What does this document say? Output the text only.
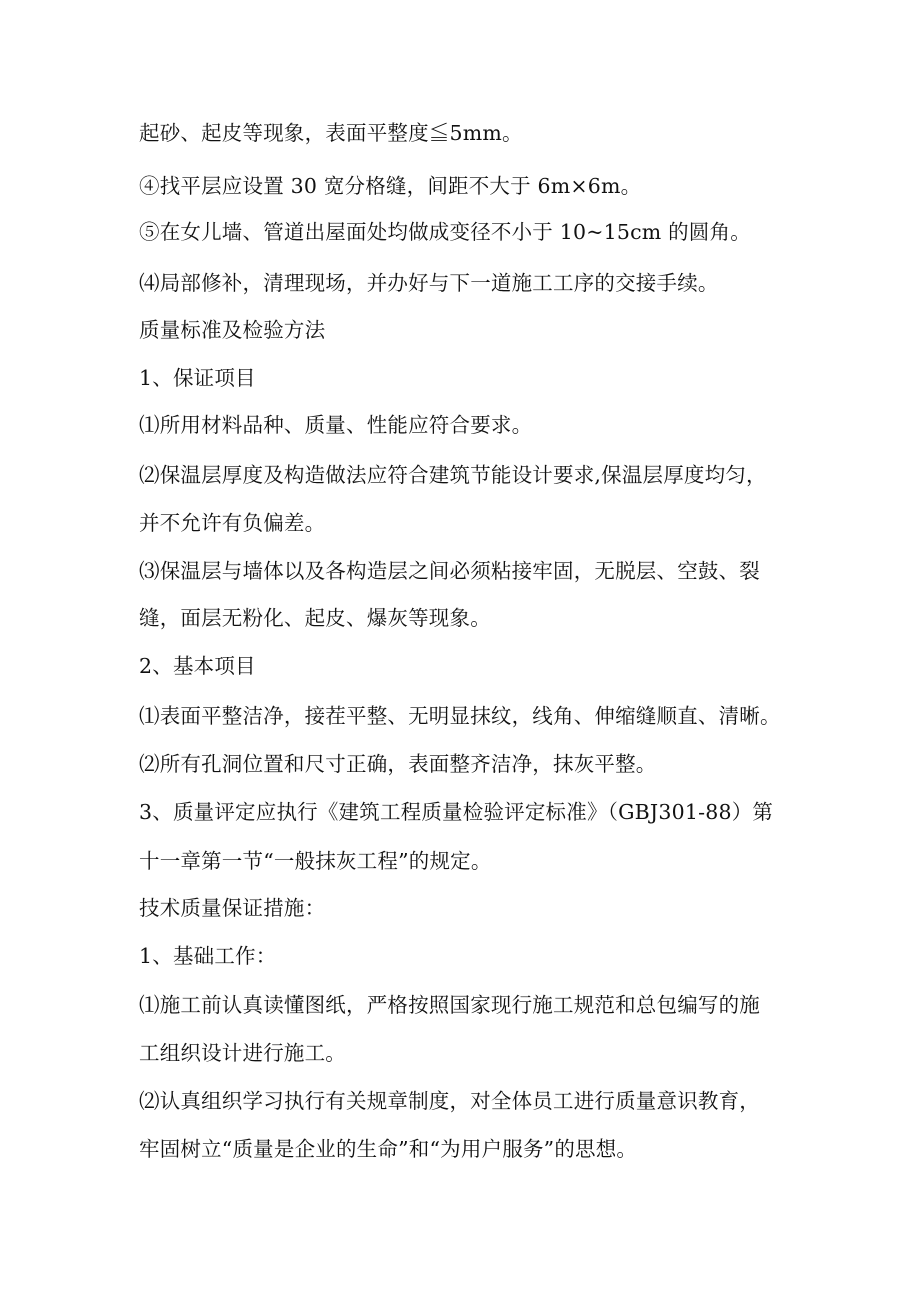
起砂、起皮等现象，表面平整度≦5mm。
④找平层应设置 30 宽分格缝，间距不大于 6m×6m。
⑤在女儿墙、管道出屋面处均做成变径不小于 10~15cm 的圆角。
⑷局部修补，清理现场，并办好与下一道施工工序的交接手续。
质量标准及检验方法
1、保证项目
⑴所用材料品种、质量、性能应符合要求。
⑵保温层厚度及构造做法应符合建筑节能设计要求,保温层厚度均匀，
并不允许有负偏差。
⑶保温层与墙体以及各构造层之间必须粘接牢固，无脱层、空鼓、裂
缝，面层无粉化、起皮、爆灰等现象。
2、基本项目
⑴表面平整洁净，接茬平整、无明显抹纹，线角、伸缩缝顺直、清晰。
⑵所有孔洞位置和尺寸正确，表面整齐洁净，抹灰平整。
3、质量评定应执行《建筑工程质量检验评定标准》（GBJ301-88）第
十一章第一节“一般抹灰工程”的规定。
技术质量保证措施：
1、基础工作：
⑴施工前认真读懂图纸，严格按照国家现行施工规范和总包编写的施
工组织设计进行施工。
⑵认真组织学习执行有关规章制度，对全体员工进行质量意识教育，
牢固树立“质量是企业的生命”和“为用户服务”的思想。
